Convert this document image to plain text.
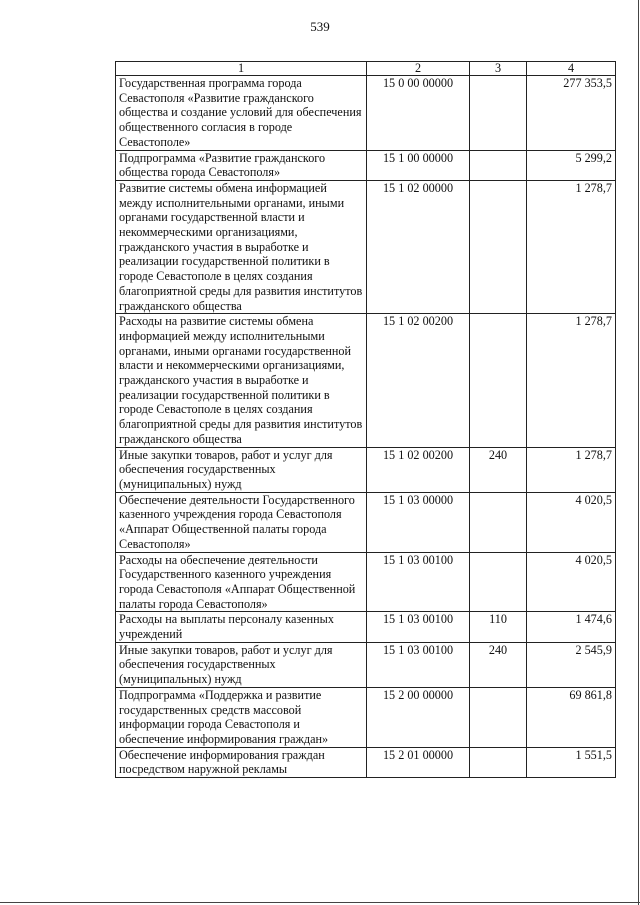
539
1	2	3	4
Государственная программа города Севастополя «Развитие гражданского общества и создание условий для обеспечения общественного согласия в городе Севастополе»	15 0 00 00000		277 353,5
Подпрограмма «Развитие гражданского общества города Севастополя»	15 1 00 00000		5 299,2
Развитие системы обмена информацией между исполнительными органами, иными органами государственной власти и некоммерческими организациями, гражданского участия в выработке и реализации государственной политики в городе Севастополе в целях создания благоприятной среды для развития институтов гражданского общества	15 1 02 00000		1 278,7
Расходы на развитие системы обмена информацией между исполнительными органами, иными органами государственной власти и некоммерческими организациями, гражданского участия в выработке и реализации государственной политики в городе Севастополе в целях создания благоприятной среды для развития институтов гражданского общества	15 1 02 00200		1 278,7
Иные закупки товаров, работ и услуг для обеспечения государственных (муниципальных) нужд	15 1 02 00200	240	1 278,7
Обеспечение деятельности Государственного казенного учреждения города Севастополя «Аппарат Общественной палаты города Севастополя»	15 1 03 00000		4 020,5
Расходы на обеспечение деятельности Государственного казенного учреждения города Севастополя «Аппарат Общественной палаты города Севастополя»	15 1 03 00100		4 020,5
Расходы на выплаты персоналу казенных учреждений	15 1 03 00100	110	1 474,6
Иные закупки товаров, работ и услуг для обеспечения государственных (муниципальных) нужд	15 1 03 00100	240	2 545,9
Подпрограмма «Поддержка и развитие государственных средств массовой информации города Севастополя и обеспечение информирования граждан»	15 2 00 00000		69 861,8
Обеспечение информирования граждан посредством наружной рекламы	15 2 01 00000		1 551,5
